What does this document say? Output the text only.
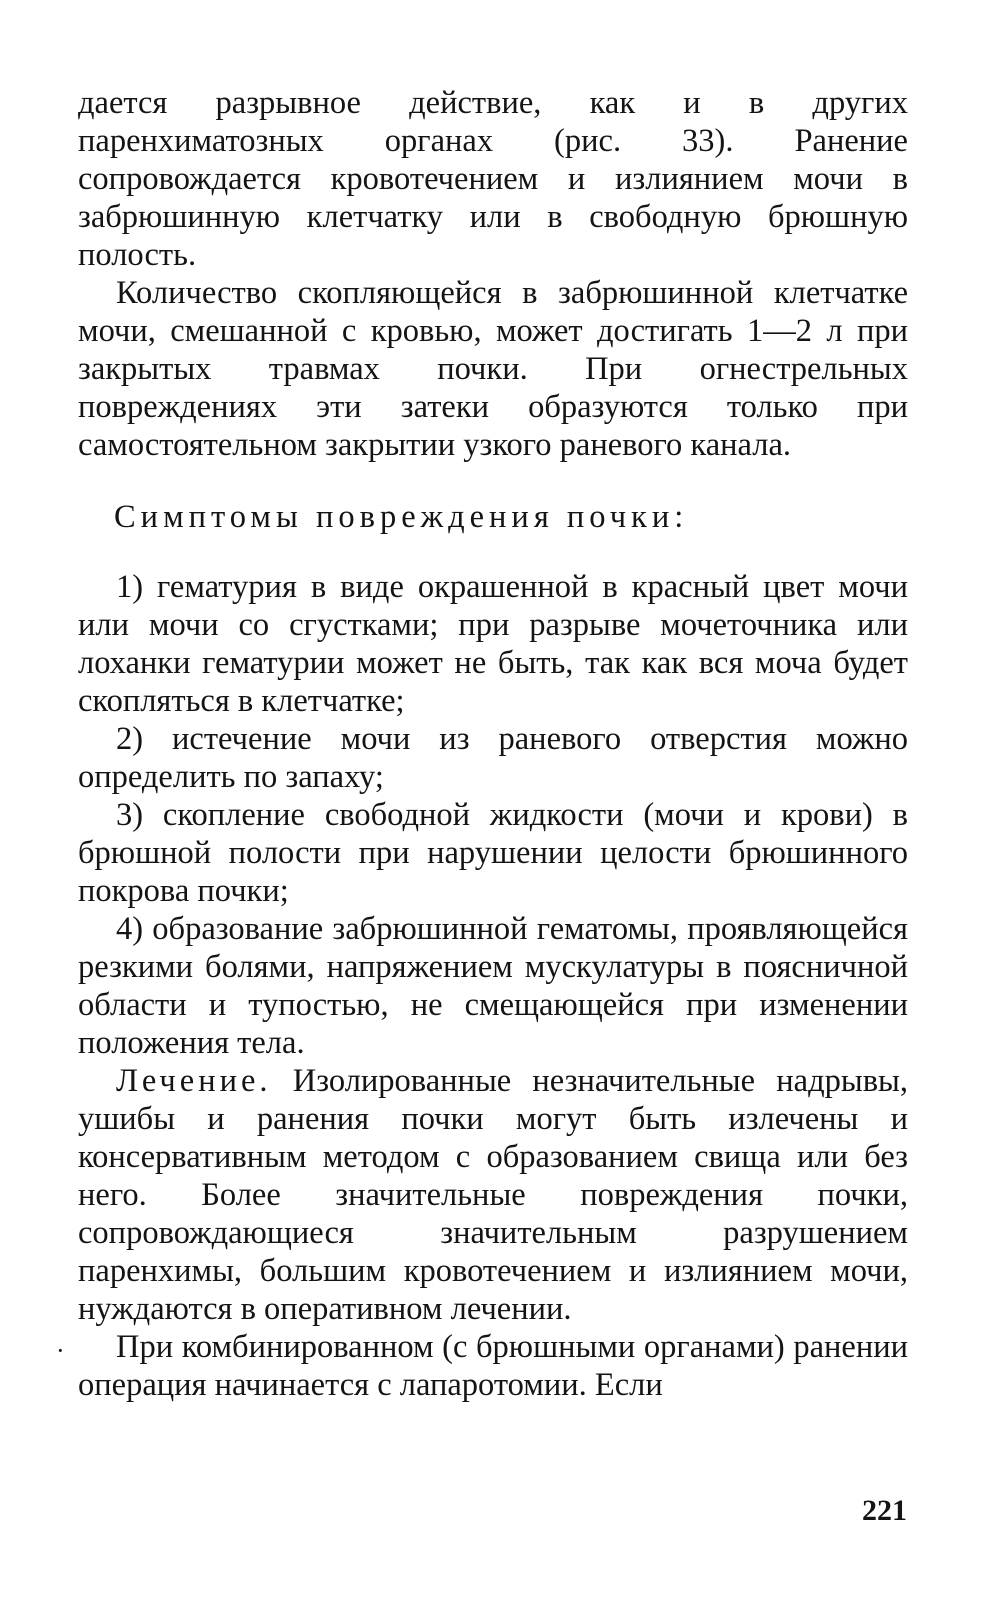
дается разрывное действие, как и в других паренхиматозных органах (рис. 33). Ранение сопровождается кровотечением и излиянием мочи в забрюшинную клетчатку или в свободную брюшную полость.

Количество скопляющейся в забрюшинной клетчатке мочи, смешанной с кровью, может достигать 1—2 л при закрытых травмах почки. При огнестрельных повреждениях эти затеки образуются только при самостоятельном закрытии узкого раневого канала.

Симптомы повреждения почки:

1) гематурия в виде окрашенной в красный цвет мочи или мочи со сгустками; при разрыве мочеточника или лоханки гематурии может не быть, так как вся моча будет скопляться в клетчатке;

2) истечение мочи из раневого отверстия можно определить по запаху;

3) скопление свободной жидкости (мочи и крови) в брюшной полости при нарушении целости брюшинного покрова почки;

4) образование забрюшинной гематомы, проявляющейся резкими болями, напряжением мускулатуры в поясничной области и тупостью, не смещающейся при изменении положения тела.

Лечение. Изолированные незначительные надрывы, ушибы и ранения почки могут быть излечены и консервативным методом с образованием свища или без него. Более значительные повреждения почки, сопровождающиеся значительным разрушением паренхимы, большим кровотечением и излиянием мочи, нуждаются в оперативном лечении.

При комбинированном (с брюшными органами) ранении операция начинается с лапаротомии. Если

·
221
